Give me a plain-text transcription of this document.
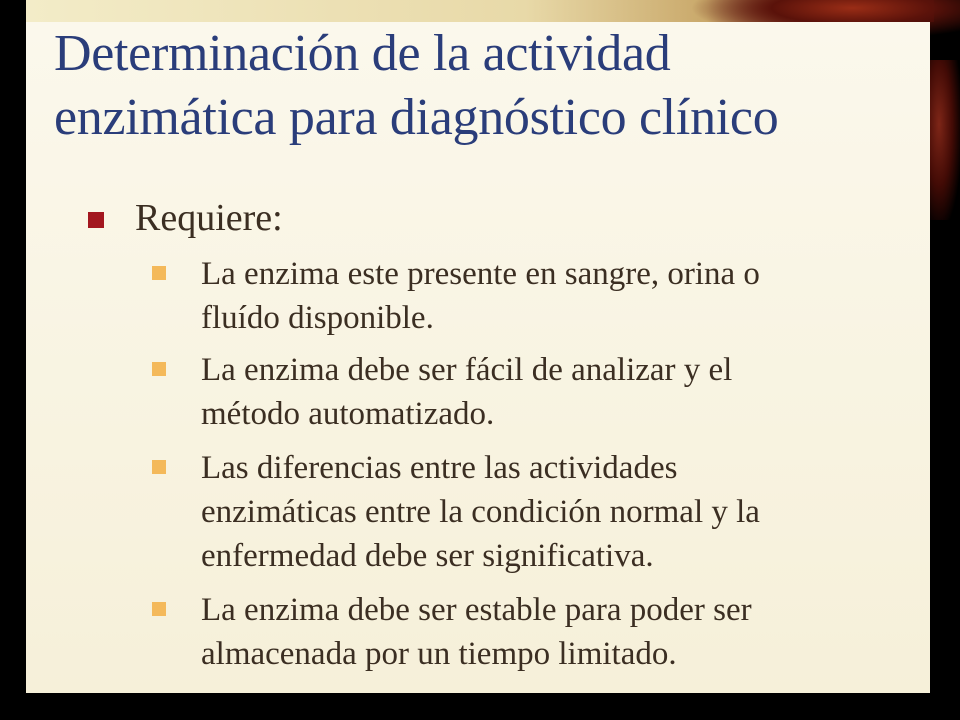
Determinación de la actividad
enzimática para diagnóstico clínico
Requiere:
La enzima este presente en sangre, orina o
fluído disponible.
La enzima debe ser fácil de analizar y el
método automatizado.
Las diferencias entre las actividades
enzimáticas entre la condición normal y la
enfermedad debe ser significativa.
La enzima debe ser estable para poder ser
almacenada por un tiempo limitado.
